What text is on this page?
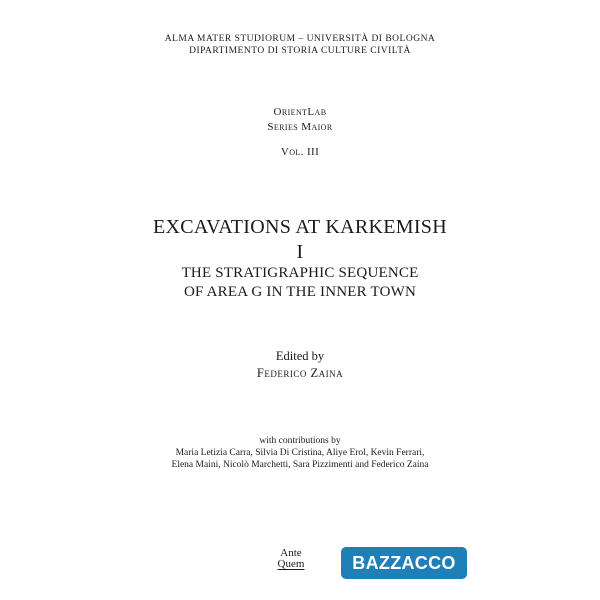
ALMA MATER STUDIORUM – UNIVERSITÀ DI BOLOGNA
DIPARTIMENTO DI STORIA CULTURE CIVILTÀ
OrientLab
Series Maior
Vol. III
EXCAVATIONS AT KARKEMISH
I
THE STRATIGRAPHIC SEQUENCE
OF AREA G IN THE INNER TOWN
Edited by
Federico Zaina
with contributions by
Maria Letizia Carra, Silvia Di Cristina, Aliye Erol, Kevin Ferrari,
Elena Maini, Nicolò Marchetti, Sara Pizzimenti and Federico Zaina
Ante
Quem	BAZZACCO
